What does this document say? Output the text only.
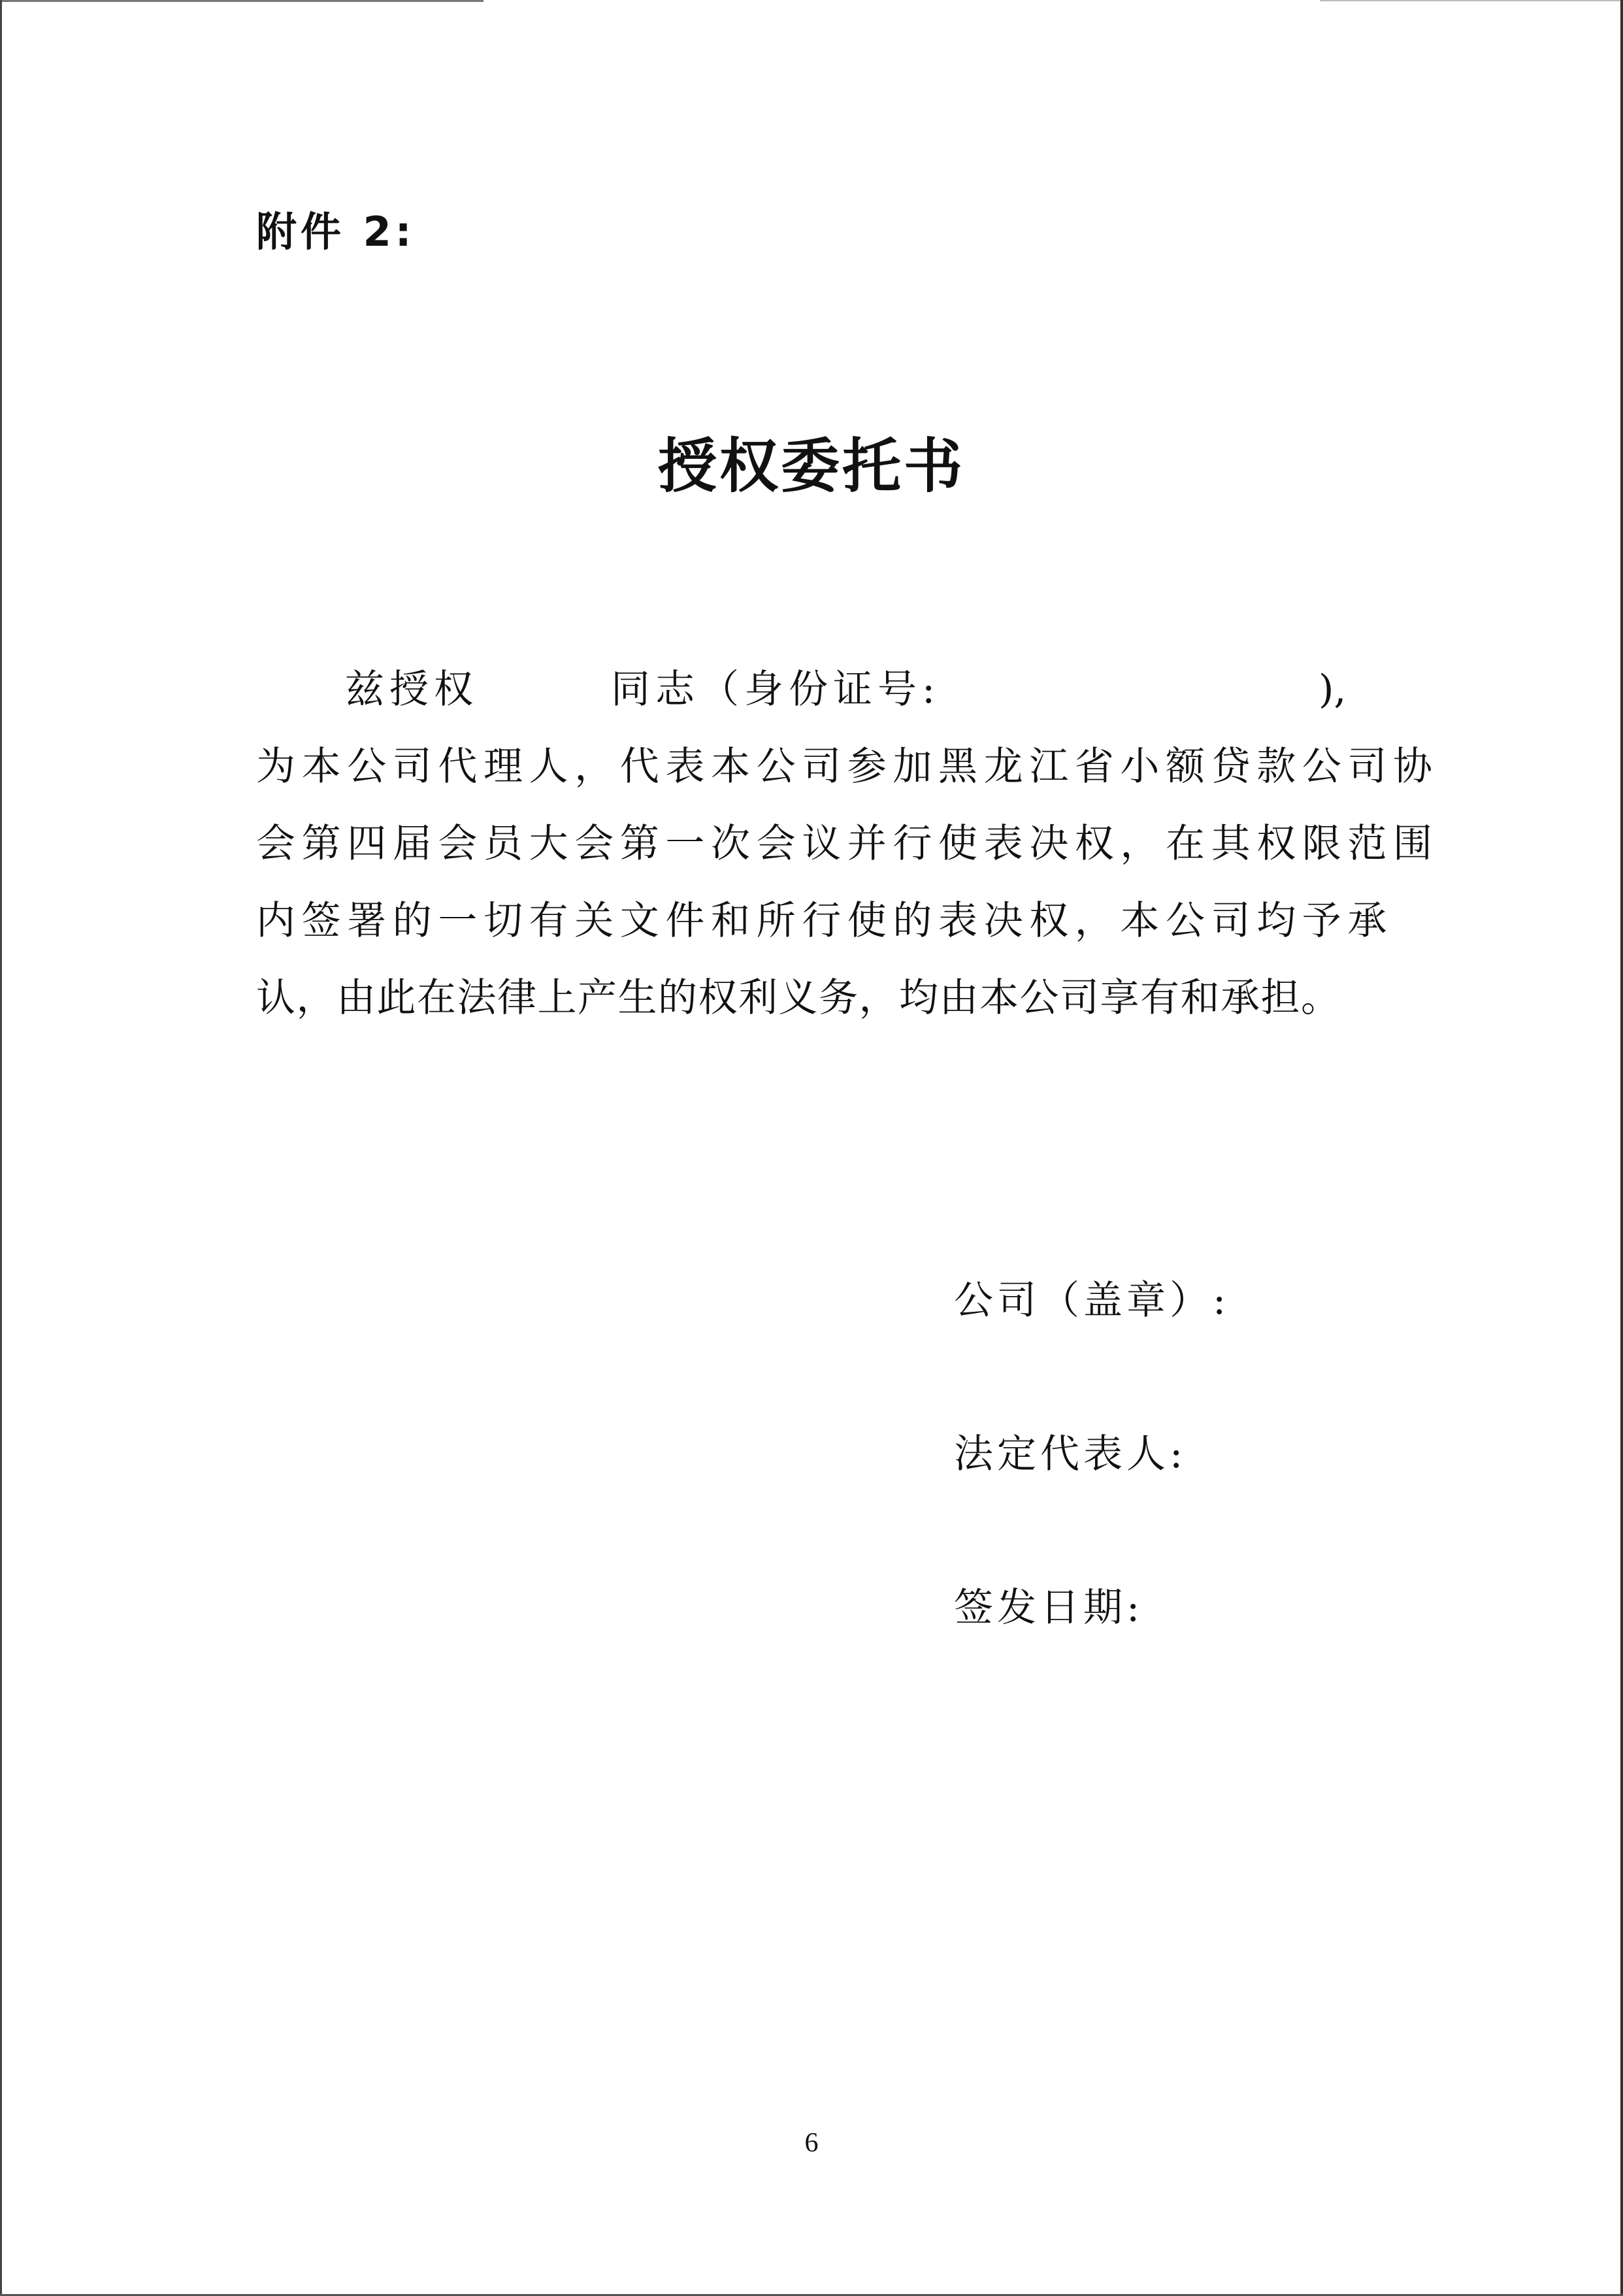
附件 2:
授权委托书
兹授权	同志（身份证号:	),
为本公司代理人，代表本公司参加黑龙江省小额贷款公司协
会第四届会员大会第一次会议并行使表决权，在其权限范围
内签署的一切有关文件和所行使的表决权，本公司均予承
认，由此在法律上产生的权利义务，均由本公司享有和承担。
公司（盖章）:
法定代表人:
签发日期:
6
